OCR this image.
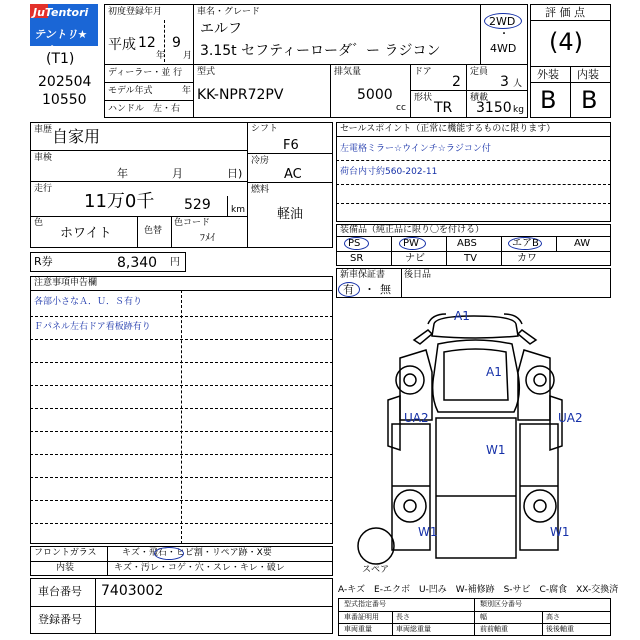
JuTentori
テントリ★スター
(T1)
202504
10550
初度登録年月
平成 12
年
9
月
車名・グレード
エルフ
3.15t セフティーローダ゛ー ラジコン
2WD
・
4WD
ディーラー・並 行
モデル年式	年
ハンドル　左・右
型式
KK-NPR72PV
排気量
5000
cc
ドア
2
定員
3 人
形状
TR
積載
3150 kg
評 価 点
(4)
外装 内装
B B
車歴 自家用
車検
年	月	日)
走行
11万0千 529 km
色
ホワイト	色替
色コード
ﾌﾒｲ
シフト
F6
冷房
AC
燃料
軽油
R券	8,340 円
セールスポイント（正常に機能するものに限ります）
左電格ミラー☆ウインチ☆ラジコン付
荷台内寸約560-202-11
装備品（純正品に限り〇を付ける）
PS	PW	ABS	エアB	AW
SR	ナビ	TV	カワ
新車保証書
有 ・ 無
後日品
注意事項申告欄
各部小さなＡ．Ｕ．Ｓ有り
Ｆパネル左右ドア看板跡有り
フロントガラス	キズ・飛石・ヒビ割・リペア跡・X要
内装	キズ・汚レ・コゲ・穴・スレ・キレ・破レ
車台番号 7403002
登録番号
A1
A1
UA2	UA2
W1
W1	W1
スペア
A-キズ　E-エクボ　U-凹み　W-補修跡　S-サビ　C-腐食　XX-交換済
型式指定番号	類別区分番号
車番証明用 長さ	幅	高さ
車両重量	車両総重量	前前軸重	後後軸重
